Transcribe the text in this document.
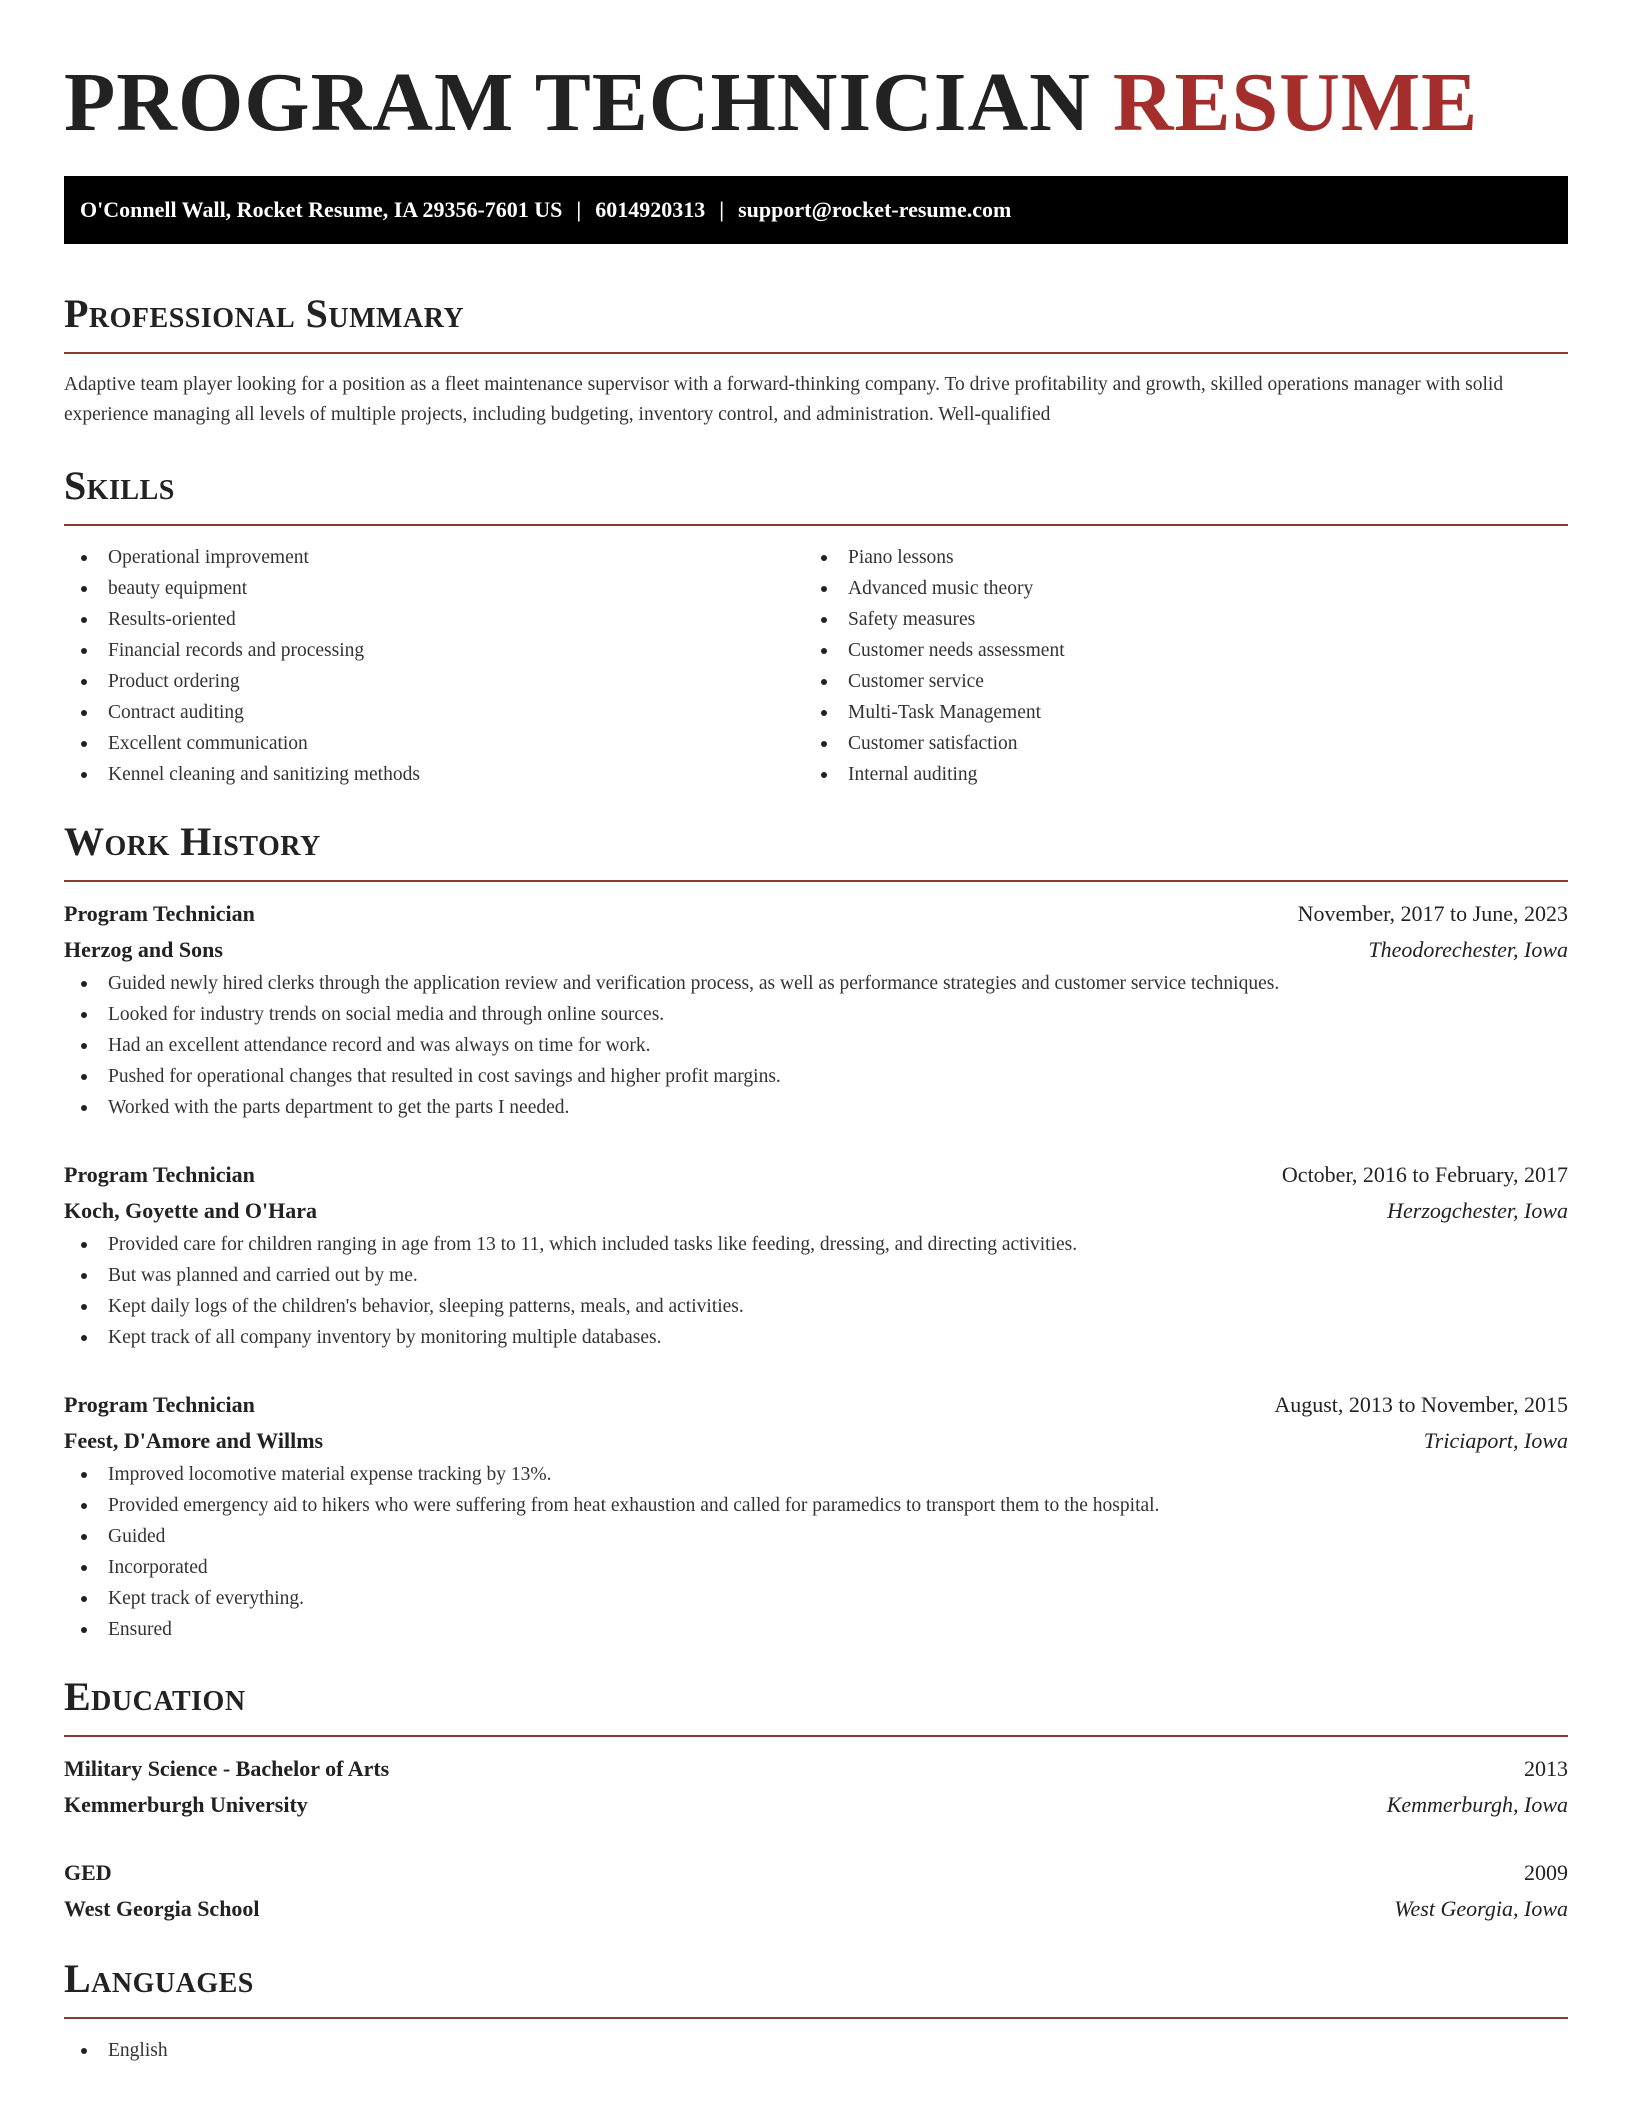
PROGRAM TECHNICIAN RESUME
O'Connell Wall, Rocket Resume, IA 29356-7601 US | 6014920313 | support@rocket-resume.com
Professional Summary

Adaptive team player looking for a position as a fleet maintenance supervisor with a forward-thinking company. To drive profitability and growth, skilled operations manager with solid experience managing all levels of multiple projects, including budgeting, inventory control, and administration. Well-qualified

Skills
Operational improvement
beauty equipment
Results-oriented
Financial records and processing
Product ordering
Contract auditing
Excellent communication
Kennel cleaning and sanitizing methods
Piano lessons
Advanced music theory
Safety measures
Customer needs assessment
Customer service
Multi-Task Management
Customer satisfaction
Internal auditing
Work History
Program Technician	November, 2017 to June, 2023
Herzog and Sons	Theodorechester, Iowa
Guided newly hired clerks through the application review and verification process, as well as performance strategies and customer service techniques.
Looked for industry trends on social media and through online sources.
Had an excellent attendance record and was always on time for work.
Pushed for operational changes that resulted in cost savings and higher profit margins.
Worked with the parts department to get the parts I needed.
Program Technician	October, 2016 to February, 2017
Koch, Goyette and O'Hara	Herzogchester, Iowa
Provided care for children ranging in age from 13 to 11, which included tasks like feeding, dressing, and directing activities.
But was planned and carried out by me.
Kept daily logs of the children's behavior, sleeping patterns, meals, and activities.
Kept track of all company inventory by monitoring multiple databases.
Program Technician	August, 2013 to November, 2015
Feest, D'Amore and Willms	Triciaport, Iowa
Improved locomotive material expense tracking by 13%.
Provided emergency aid to hikers who were suffering from heat exhaustion and called for paramedics to transport them to the hospital.
Guided
Incorporated
Kept track of everything.
Ensured
Education
Military Science - Bachelor of Arts	2013
Kemmerburgh University	Kemmerburgh, Iowa
GED	2009
West Georgia School	West Georgia, Iowa
Languages
English
